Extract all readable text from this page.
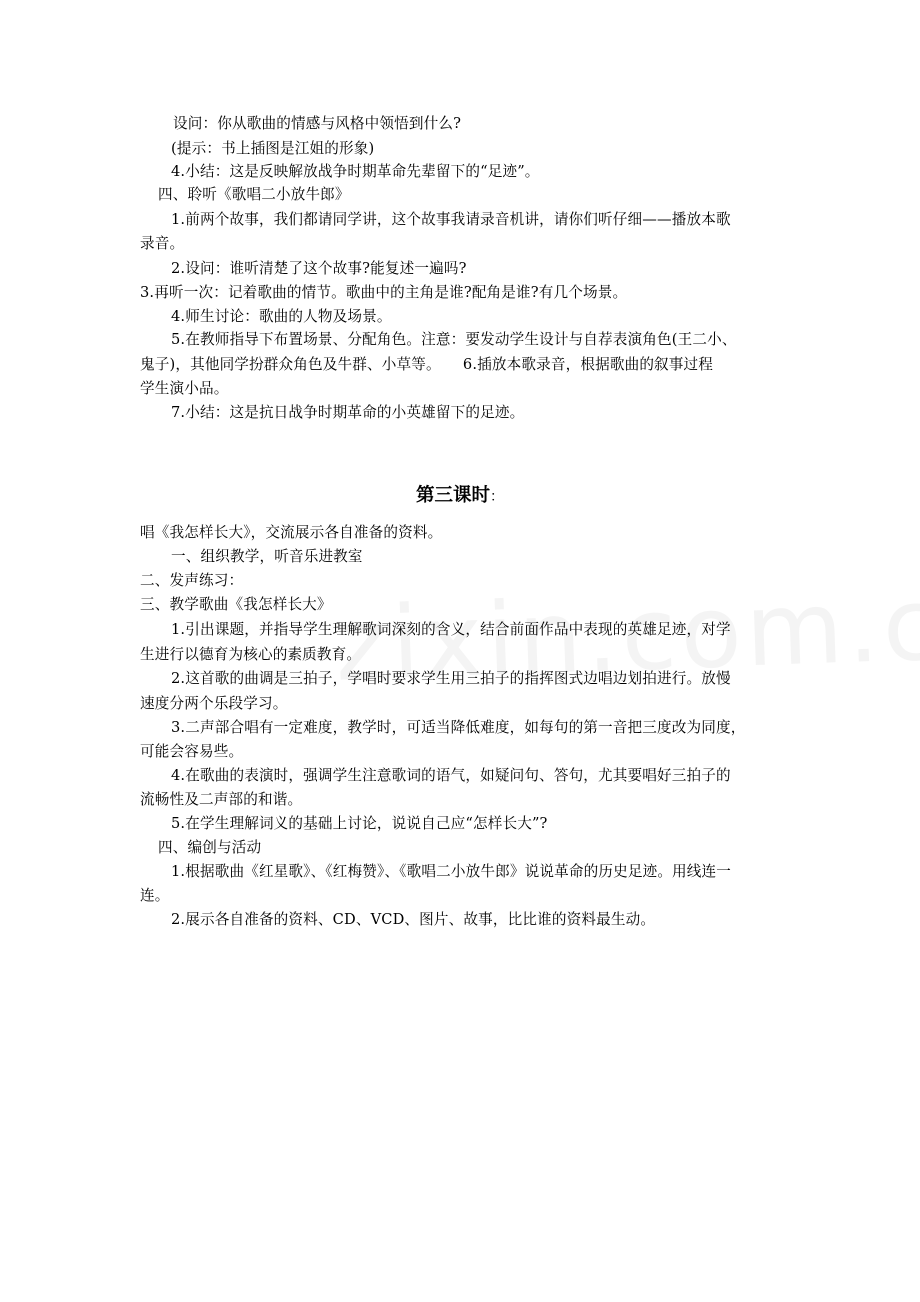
设问：你从歌曲的情感与风格中领悟到什么?
(提示：书上插图是江姐的形象)
4.小结：这是反映解放战争时期革命先辈留下的“足迹”。
四、聆听《歌唱二小放牛郎》
1.前两个故事，我们都请同学讲，这个故事我请录音机讲，请你们听仔细——播放本歌
录音。
2.设问：谁听清楚了这个故事?能复述一遍吗?
3.再听一次：记着歌曲的情节。歌曲中的主角是谁?配角是谁?有几个场景。
4.师生讨论：歌曲的人物及场景。
5.在教师指导下布置场景、分配角色。注意：要发动学生设计与自荐表演角色(王二小、
鬼子)，其他同学扮群众角色及牛群、小草等。　　6.插放本歌录音，根据歌曲的叙事过程
学生演小品。
7.小结：这是抗日战争时期革命的小英雄留下的足迹。
第三课时：
唱《我怎样长大》，交流展示各自准备的资料。
一、组织教学，听音乐进教室
二、发声练习：
三、教学歌曲《我怎样长大》
1.引出课题，并指导学生理解歌词深刻的含义，结合前面作品中表现的英雄足迹，对学
生进行以德育为核心的素质教育。
2.这首歌的曲调是三拍子，学唱时要求学生用三拍子的指挥图式边唱边划拍进行。放慢
速度分两个乐段学习。
3.二声部合唱有一定难度，教学时，可适当降低难度，如每句的第一音把三度改为同度，
可能会容易些。
4.在歌曲的表演时，强调学生注意歌词的语气，如疑问句、答句，尤其要唱好三拍子的
流畅性及二声部的和谐。
5.在学生理解词义的基础上讨论，说说自己应“怎样长大”?
四、编创与活动
1.根据歌曲《红星歌》、《红梅赞》、《歌唱二小放牛郎》说说革命的历史足迹。用线连一
连。
2.展示各自准备的资料、CD、VCD、图片、故事，比比谁的资料最生动。
